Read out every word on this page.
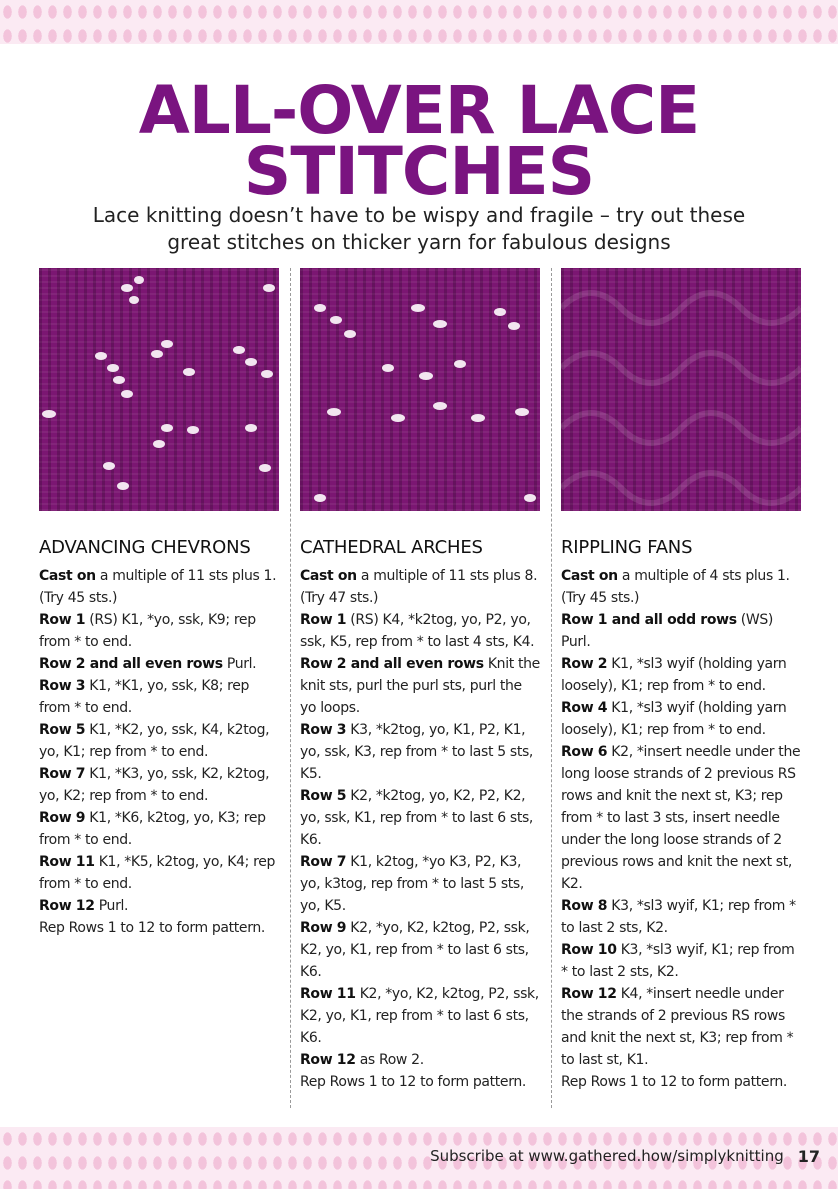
ALL-OVER LACE
STITCHES
Lace knitting doesn’t have to be wispy and fragile – try out these
great stitches on thicker yarn for fabulous designs
ADVANCING CHEVRONS

Cast on a multiple of 11 sts plus 1. (Try 45 sts.)

Row 1 (RS) K1, *yo, ssk, K9; rep from * to end.

Row 2 and all even rows Purl.

Row 3 K1, *K1, yo, ssk, K8; rep from * to end.

Row 5 K1, *K2, yo, ssk, K4, k2tog, yo, K1; rep from * to end.

Row 7 K1, *K3, yo, ssk, K2, k2tog, yo, K2; rep from * to end.

Row 9 K1, *K6, k2tog, yo, K3; rep from * to end.

Row 11 K1, *K5, k2tog, yo, K4; rep from * to end.

Row 12 Purl.

Rep Rows 1 to 12 to form pattern.

CATHEDRAL ARCHES

Cast on a multiple of 11 sts plus 8. (Try 47 sts.)

Row 1 (RS) K4, *k2tog, yo, P2, yo, ssk, K5, rep from * to last 4 sts, K4.

Row 2 and all even rows Knit the knit sts, purl the purl sts, purl the yo loops.

Row 3 K3, *k2tog, yo, K1, P2, K1, yo, ssk, K3, rep from * to last 5 sts, K5.

Row 5 K2, *k2tog, yo, K2, P2, K2, yo, ssk, K1, rep from * to last 6 sts, K6.

Row 7 K1, k2tog, *yo K3, P2, K3, yo, k3tog, rep from * to last 5 sts, yo, K5.

Row 9 K2, *yo, K2, k2tog, P2, ssk, K2, yo, K1, rep from * to last 6 sts, K6.

Row 11 K2, *yo, K2, k2tog, P2, ssk, K2, yo, K1, rep from * to last 6 sts, K6.

Row 12 as Row 2.

Rep Rows 1 to 12 to form pattern.

RIPPLING FANS

Cast on a multiple of 4 sts plus 1. (Try 45 sts.)

Row 1 and all odd rows (WS) Purl.

Row 2 K1, *sl3 wyif (holding yarn loosely), K1; rep from * to end.

Row 4 K1, *sl3 wyif (holding yarn loosely), K1; rep from * to end.

Row 6 K2, *insert needle under the long loose strands of 2 previous RS rows and knit the next st, K3; rep from * to last 3 sts, insert needle under the long loose strands of 2 previous rows and knit the next st, K2.

Row 8 K3, *sl3 wyif, K1; rep from * to last 2 sts, K2.

Row 10 K3, *sl3 wyif, K1; rep from * to last 2 sts, K2.

Row 12 K4, *insert needle under the strands of 2 previous RS rows and knit the next st, K3; rep from * to last st, K1.

Rep Rows 1 to 12 to form pattern.

Subscribe at www.gathered.how/simplyknitting 17
